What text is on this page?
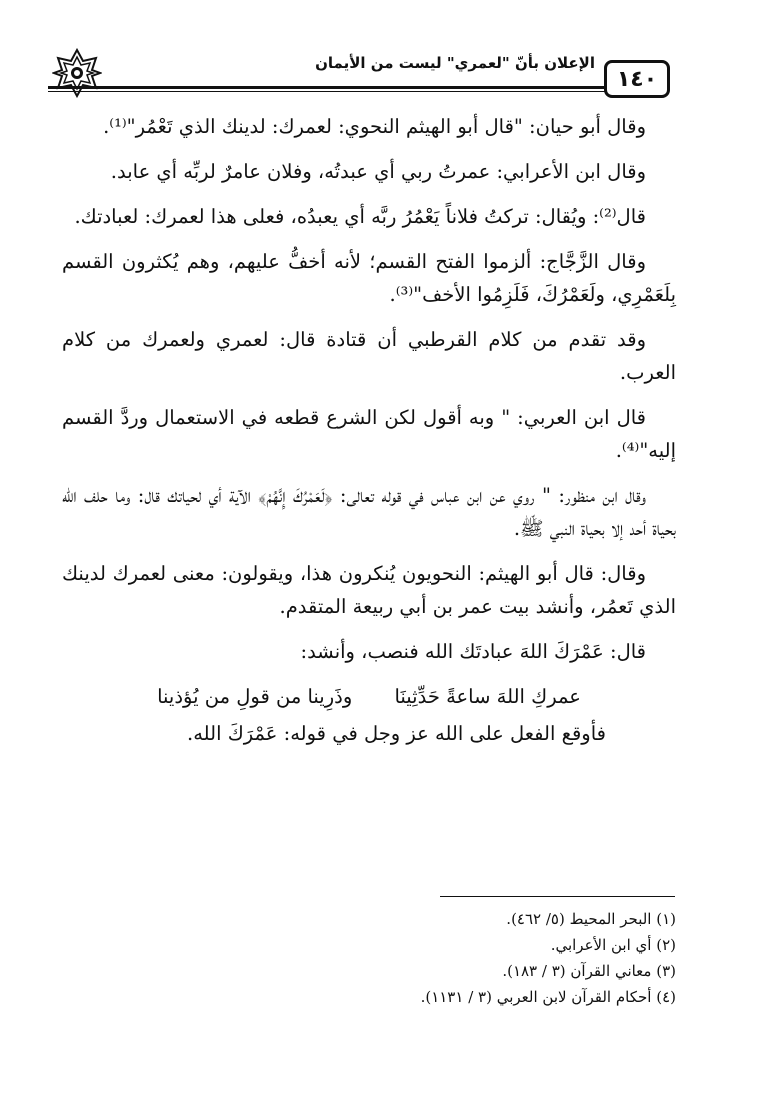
الإعلان بأنّ "لعمري" ليست من الأيمان
١٤٠

وقال أبو حيان: "قال أبو الهيثم النحوي: لعمرك: لدينك الذي تَعْمُر"⁽¹⁾.

وقال ابن الأعرابي: عمرتُ ربي أي عبدتُه، وفلان عامرٌ لربِّه أي عابد.

قال⁽²⁾: ويُقال: تركتُ فلاناً يَعْمُرُ ربَّه أي يعبدُه، فعلى هذا لعمرك: لعبادتك.

وقال الزَّجَّاج: ألزموا الفتح القسم؛ لأنه أخفُّ عليهم، وهم يُكثرون القسم بِلَعَمْرِي، ولَعَمْرُكَ، فَلَزِمُوا الأخف"⁽³⁾.

وقد تقدم من كلام القرطبي أن قتادة قال: لعمري ولعمرك من كلام العرب.

قال ابن العربي: " وبه أقول لكن الشرع قطعه في الاستعمال وردَّ القسم إليه"⁽⁴⁾.

وقال ابن منظور: " روي عن ابن عباس في قوله تعالى: ﴿لَعَمْرُكَ إِنَّهُمْ﴾ الآية أي لحياتك قال: وما حلف الله بحياة أحد إلا بحياة النبي ﷺ.

وقال: قال أبو الهيثم: النحويون يُنكرون هذا، ويقولون: معنى لعمرك لدينك الذي تَعمُر، وأنشد بيت عمر بن أبي ربيعة المتقدم.

قال: عَمْرَكَ اللهَ عبادتَك الله فنصب، وأنشد:

عمركِ اللهَ ساعةً حَدِّثِينَا وذَرِينا من قولِ من يُؤذينا

فأوقع الفعل على الله عز وجل في قوله: عَمْرَكَ الله.

(١) البحر المحيط (٥/ ٤٦٢).

(٢) أي ابن الأعرابي.

(٣) معاني القرآن (٣ / ١٨٣).

(٤) أحكام القرآن لابن العربي (٣ / ١١٣١).
